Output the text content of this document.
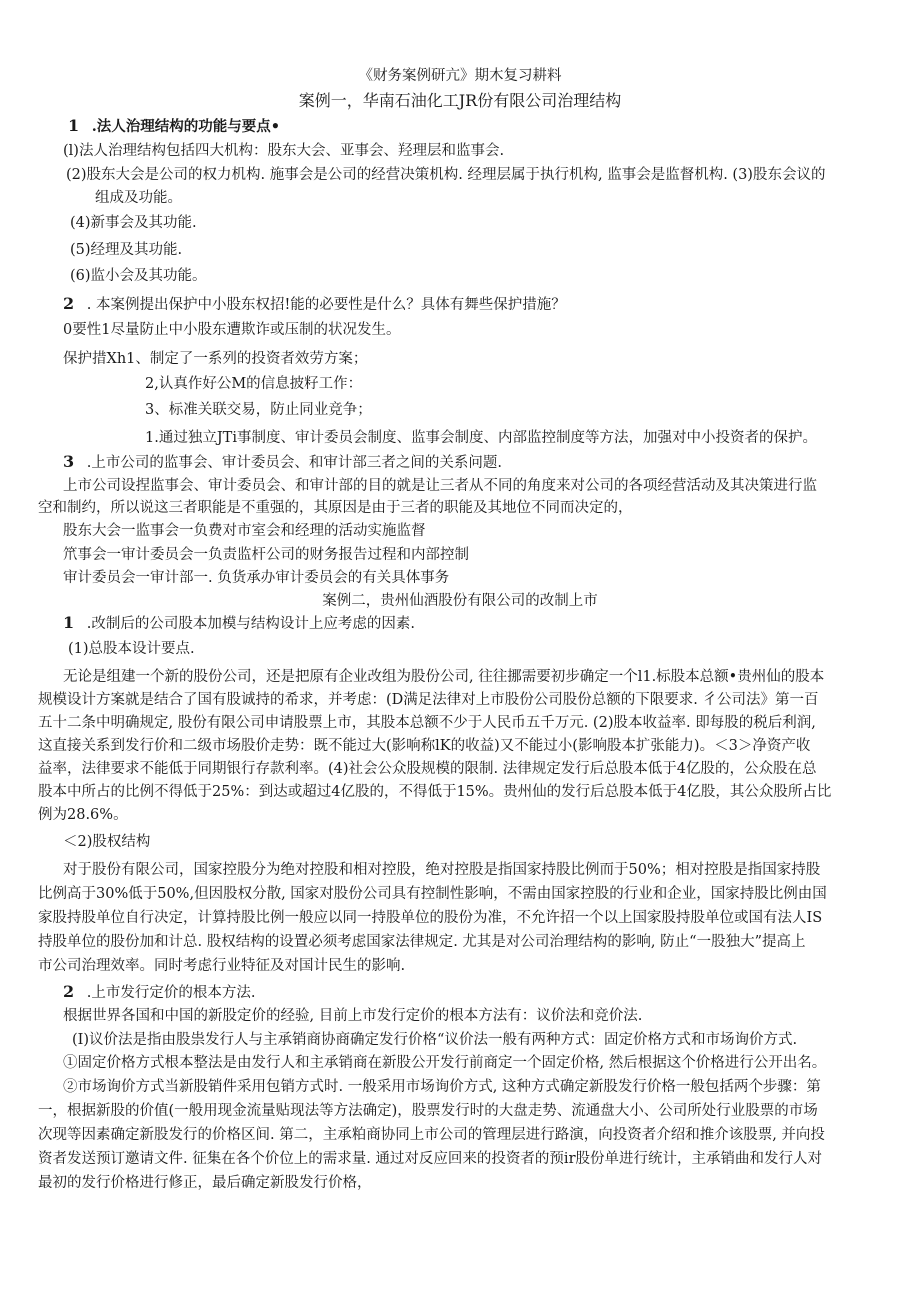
《财务案例研亢》期木复习耕料
案例一，华南石油化工JR份有限公司治理结构
1 .法人治理结构的功能与要点•
(l)法人治理结构包括四大机构：股东大会、亚事会、羟理层和监事会.
(2)股东大会是公司的权力机构. 施事会是公司的经营决策机构. 经理层属于执行机构, 监事会是监督机构. (3)股东会议的
组成及功能。
(4)新事会及其功能.
(5)经理及其功能.
(6)监小会及其功能。
2 . 本案例提出保护中小股东权招!能的必要性是什么？具体有舞些保护措施？
0要性1尽量防止中小股东遭欺诈或压制的状况发生。
保护措Xh1、制定了一系列的投资者效劳方案；
2,认真作好公M的信息披籽工作：
3、标准关联交易，防止同业竞争；
1.通过独立JTi事制度、审计委员会制度、监事会制度、内部监控制度等方法，加强对中小投资者的保护。
3 .上市公司的监事会、审计委员会、和审计部三者之间的关系问题.
上市公司设捏监事会、审计委员会、和审计部的目的就是让三者从不同的角度来对公司的各项经营活动及其决策进行监
空和制约，所以说这三者职能是不重强的，其原因是由于三者的职能及其地位不同而决定的，
股东大会一监事会一负费对市室会和经理的活动实施监督
笊事会一审计委员会一负责监杆公司的财务报告过程和内部控制
审计委员会一审计部一. 负货承办审计委员会的有关具体事务
案例二，贵州仙酒股份有限公司的改制上市
1 .改制后的公司股本加模与结构设计上应考虑的因素.
(1)总股本设计要点.
无论是组建一个新的股份公司，还是把原有企业改组为股份公司, 往往挪需要初步确定一个l1.标股本总额•贵州仙的股本
规模设计方案就是结合了国有股诚持的希求，并考虑：(D满足法律对上市股份公司股份总额的下限要求. 彳公司法》第一百
五十二条中明确规定, 股份有限公司申请股票上市，其股本总额不少于人民币五千万元. (2)股本收益率. 即每股的税后利润,
这直接关系到发行价和二级市场股价走势：既不能过大(影响称lK的收益)又不能过小(影响股本扩张能力)。＜3＞净资产收
益率，法律要求不能低于同期银行存款利率。(4)社会公众股规模的限制. 法律规定发行后总股本低于4亿股的，公众股在总
股本中所占的比例不得低于25%：到达或超过4亿股的，不得低于15%。贵州仙的发行后总股本低于4亿股，其公众股所占比
例为28.6%。
＜2)股权结构
对于股份有限公司，国家控股分为绝对控股和相对控股，绝对控股是指国家持股比例而于50%；相对控股是指国家持股
比例高于30%低于50%,但因股权分散, 国家对股份公司具有控制性影响，不需由国家控股的行业和企业，国家持股比例由国
家股持股单位自行决定，计算持股比例一般应以同一持股单位的股份为准，不允许招一个以上国家股持股单位或国有法人IS
持股单位的股份加和计总. 股权结构的设置必须考虑国家法律规定. 尤其是对公司治理结构的影响, 防止“一股独大”提高上
市公司治理效率。同时考虑行业特征及对国计民生的影响.
2 .上市发行定价的根本方法.
根据世界各国和中国的新股定价的经验, 目前上市发行定价的根本方法有：议价法和竞价法.
(I)议价法是指由股祟发行人与主承销商协商确定发行价格“议价法一般有两种方式：固定价格方式和市场询价方式.
①固定价格方式根本整法是由发行人和主承销商在新股公开发行前商定一个固定价格, 然后根据这个价格进行公开出名。
②市场询价方式当新股销件采用包销方式时. 一般采用市场询价方式, 这种方式确定新股发行价格一般包括两个步骤：第
一，根据新股的价值(一般用现金流量贴现法等方法确定)，股票发行时的大盘走势、流通盘大小、公司所处行业股票的市场
次现等因素确定新股发行的价格区间. 第二，主承粕商协同上市公司的管理层进行路演，向投资者介绍和推介该股票, 并向投
资者发送预订邀请文件. 征集在各个价位上的需求量. 通过对反应回来的投资者的预ir股份单进行统计，主承销曲和发行人对
最初的发行价格进行修正，最后确定新股发行价格，
